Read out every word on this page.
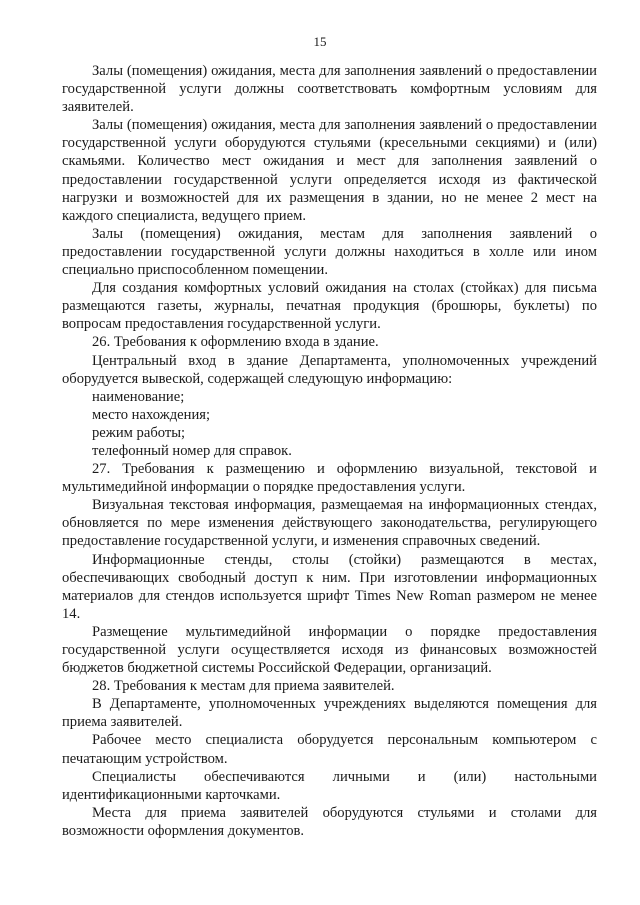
15

Залы (помещения) ожидания, места для заполнения заявлений о предоставлении государственной услуги должны соответствовать комфортным условиям для заявителей.

Залы (помещения) ожидания, места для заполнения заявлений о предоставлении государственной услуги оборудуются стульями (кресельными секциями) и (или) скамьями. Количество мест ожидания и мест для заполнения заявлений о предоставлении государственной услуги определяется исходя из фактической нагрузки и возможностей для их размещения в здании, но не менее 2 мест на каждого специалиста, ведущего прием.

Залы (помещения) ожидания, местам для заполнения заявлений о предоставлении государственной услуги должны находиться в холле или ином специально приспособленном помещении.

Для создания комфортных условий ожидания на столах (стойках) для письма размещаются газеты, журналы, печатная продукция (брошюры, буклеты) по вопросам предоставления государственной услуги.

26. Требования к оформлению входа в здание.

Центральный вход в здание Департамента, уполномоченных учреждений оборудуется вывеской, содержащей следующую информацию:

наименование;

место нахождения;

режим работы;

телефонный номер для справок.

27. Требования к размещению и оформлению визуальной, текстовой и мультимедийной информации о порядке предоставления услуги.

Визуальная текстовая информация, размещаемая на информационных стендах, обновляется по мере изменения действующего законодательства, регулирующего предоставление государственной услуги, и изменения справочных сведений.

Информационные стенды, столы (стойки) размещаются в местах, обеспечивающих свободный доступ к ним. При изготовлении информационных материалов для стендов используется шрифт Times New Roman размером не менее 14.

Размещение мультимедийной информации о порядке предоставления государственной услуги осуществляется исходя из финансовых возможностей бюджетов бюджетной системы Российской Федерации, организаций.

28. Требования к местам для приема заявителей.

В Департаменте, уполномоченных учреждениях выделяются помещения для приема заявителей.

Рабочее место специалиста оборудуется персональным компьютером с печатающим устройством.

Специалисты обеспечиваются личными и (или) настольными идентификационными карточками.

Места для приема заявителей оборудуются стульями и столами для возможности оформления документов.
